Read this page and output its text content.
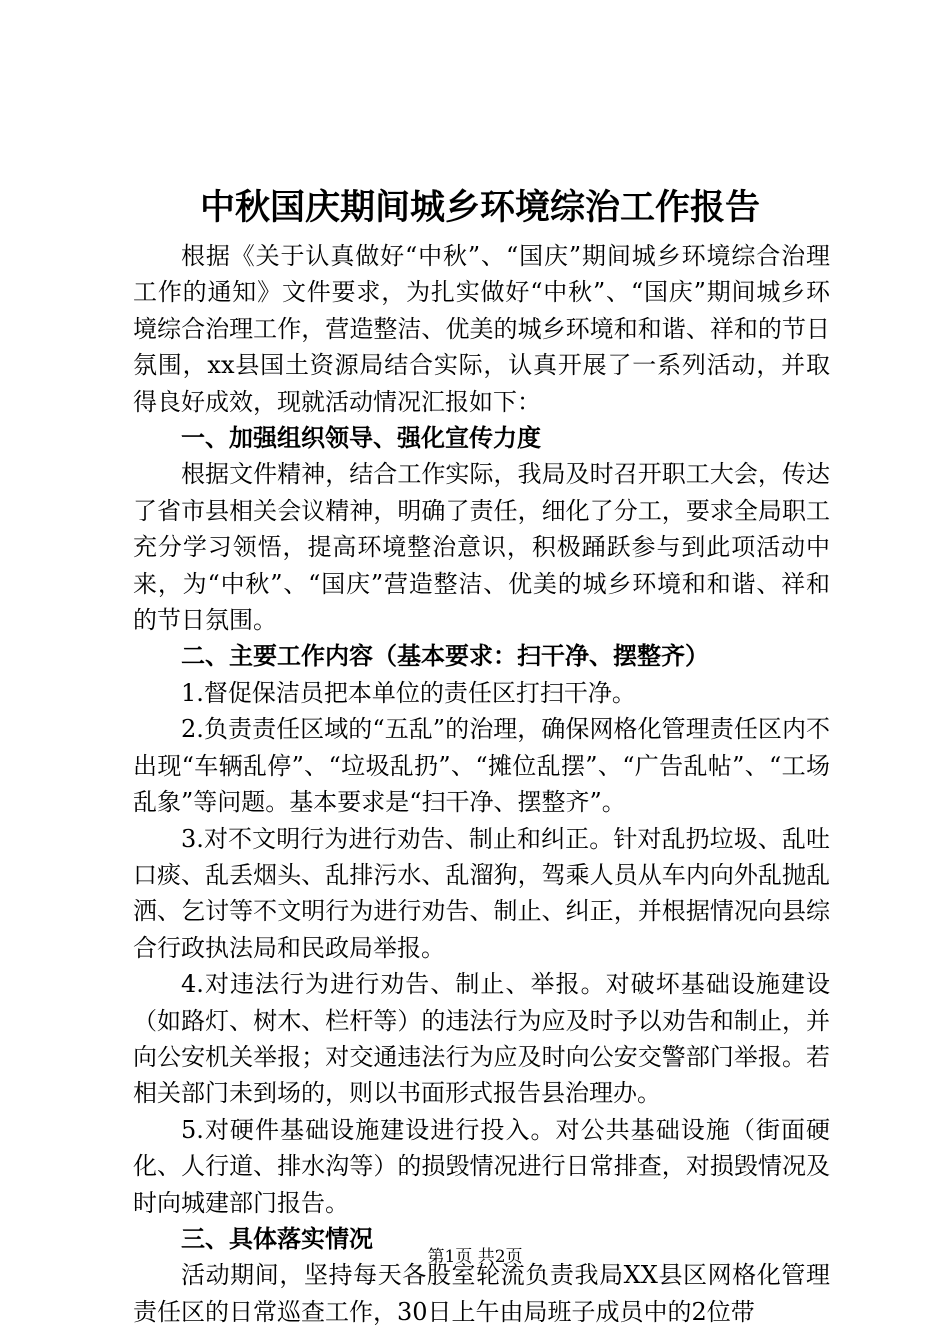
中秋国庆期间城乡环境综治工作报告

根据《关于认真做好“中秋”、“国庆”期间城乡环境综合治理工作的通知》文件要求，为扎实做好“中秋”、“国庆”期间城乡环境综合治理工作，营造整洁、优美的城乡环境和和谐、祥和的节日氛围，xx县国土资源局结合实际，认真开展了一系列活动，并取得良好成效，现就活动情况汇报如下：

一、加强组织领导、强化宣传力度

根据文件精神，结合工作实际，我局及时召开职工大会，传达了省市县相关会议精神，明确了责任，细化了分工，要求全局职工充分学习领悟，提高环境整治意识，积极踊跃参与到此项活动中来，为“中秋”、“国庆”营造整洁、优美的城乡环境和和谐、祥和的节日氛围。

二、主要工作内容（基本要求：扫干净、摆整齐）

1.督促保洁员把本单位的责任区打扫干净。

2.负责责任区域的“五乱”的治理，确保网格化管理责任区内不出现“车辆乱停”、“垃圾乱扔”、“摊位乱摆”、“广告乱帖”、“工场乱象”等问题。基本要求是“扫干净、摆整齐”。

3.对不文明行为进行劝告、制止和纠正。针对乱扔垃圾、乱吐口痰、乱丢烟头、乱排污水、乱溜狗，驾乘人员从车内向外乱抛乱洒、乞讨等不文明行为进行劝告、制止、纠正，并根据情况向县综合行政执法局和民政局举报。

4.对违法行为进行劝告、制止、举报。对破坏基础设施建设（如路灯、树木、栏杆等）的违法行为应及时予以劝告和制止，并向公安机关举报；对交通违法行为应及时向公安交警部门举报。若相关部门未到场的，则以书面形式报告县治理办。

5.对硬件基础设施建设进行投入。对公共基础设施（街面硬化、人行道、排水沟等）的损毁情况进行日常排查，对损毁情况及时向城建部门报告。

三、具体落实情况

活动期间，坚持每天各股室轮流负责我局XX县区网格化管理责任区的日常巡查工作，30日上午由局班子成员中的2位带

第1页 共2页
